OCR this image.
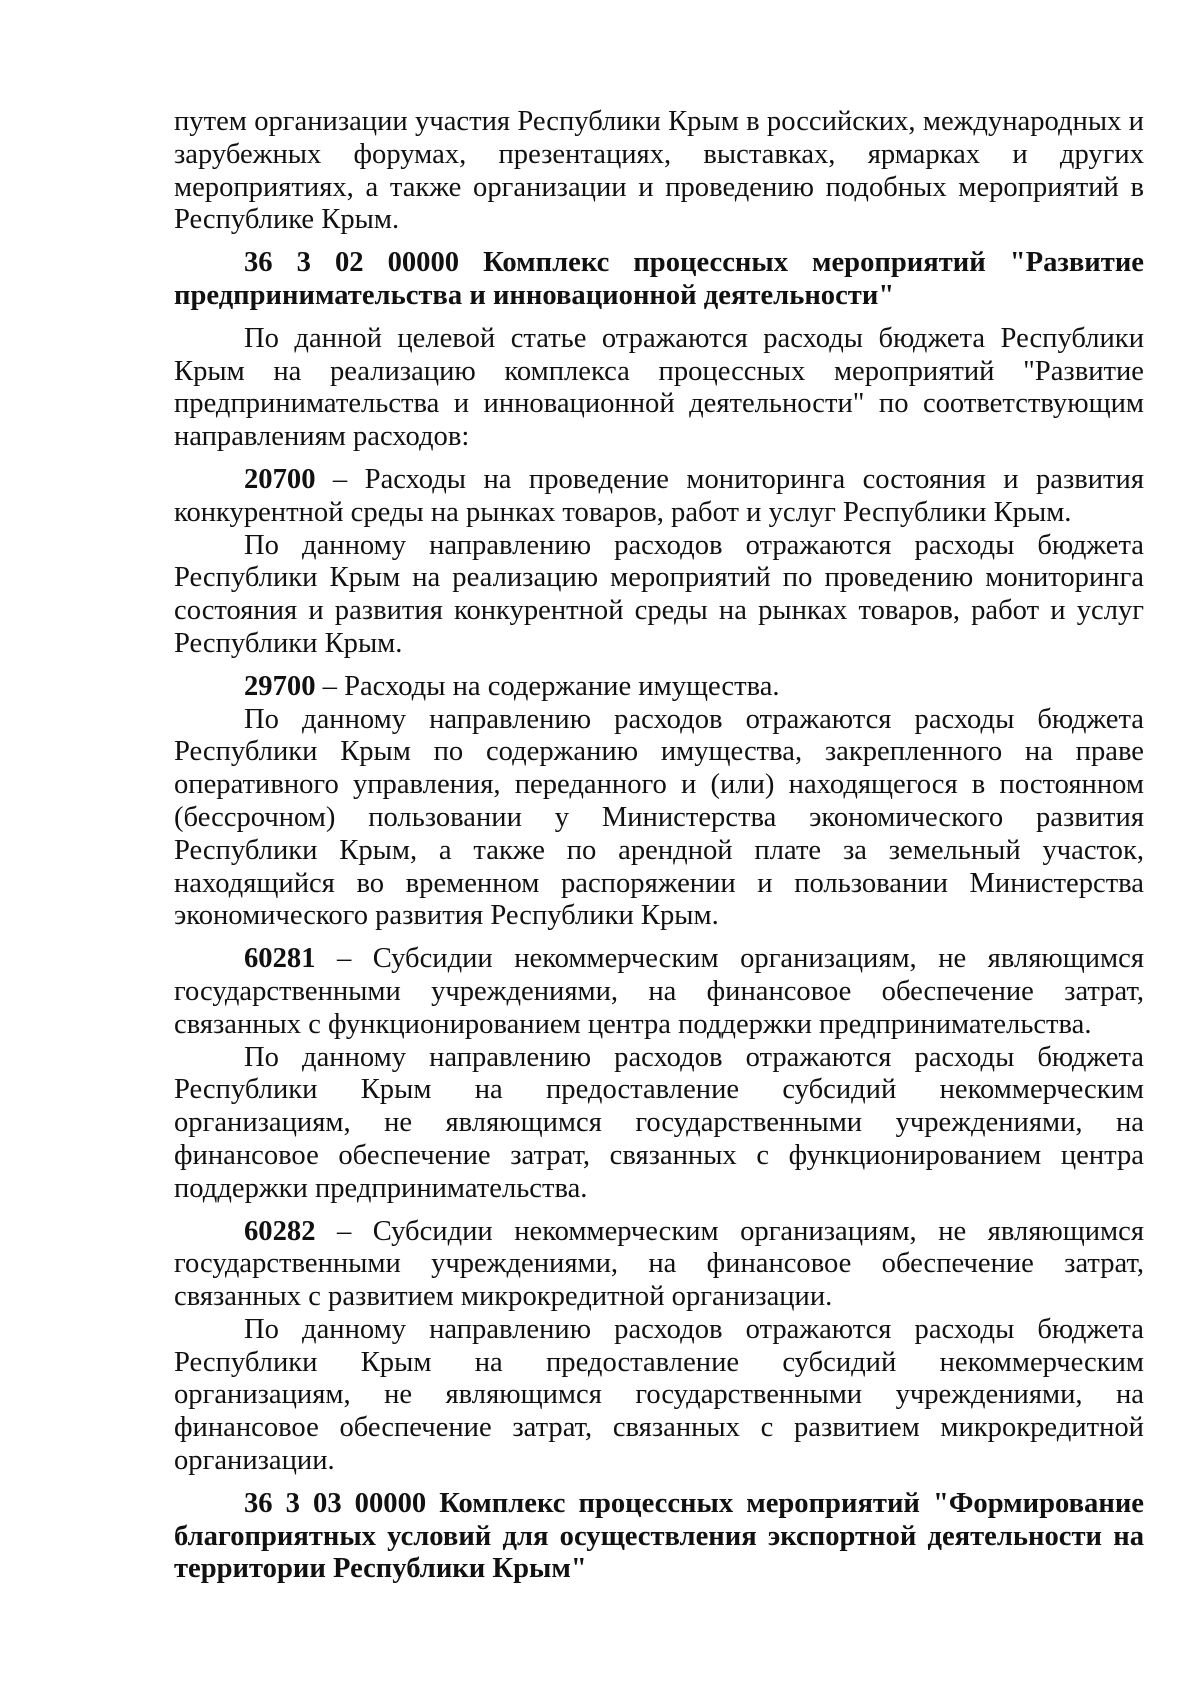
путем организации участия Республики Крым в российских, международных и зарубежных форумах, презентациях, выставках, ярмарках и других мероприятиях, а также организации и проведению подобных мероприятий в Республике Крым.

36 3 02 00000 Комплекс процессных мероприятий "Развитие предпринимательства и инновационной деятельности"

По данной целевой статье отражаются расходы бюджета Республики Крым на реализацию комплекса процессных мероприятий "Развитие предпринимательства и инновационной деятельности" по соответствующим направлениям расходов:

20700 – Расходы на проведение мониторинга состояния и развития конкурентной среды на рынках товаров, работ и услуг Республики Крым.

По данному направлению расходов отражаются расходы бюджета Республики Крым на реализацию мероприятий по проведению мониторинга состояния и развития конкурентной среды на рынках товаров, работ и услуг Республики Крым.

29700 – Расходы на содержание имущества.

По данному направлению расходов отражаются расходы бюджета Республики Крым по содержанию имущества, закрепленного на праве оперативного управления, переданного и (или) находящегося в постоянном (бессрочном) пользовании у Министерства экономического развития Республики Крым, а также по арендной плате за земельный участок, находящийся во временном распоряжении и пользовании Министерства экономического развития Республики Крым.

60281 – Субсидии некоммерческим организациям, не являющимся государственными учреждениями, на финансовое обеспечение затрат, связанных с функционированием центра поддержки предпринимательства.

По данному направлению расходов отражаются расходы бюджета Республики Крым на предоставление субсидий некоммерческим организациям, не являющимся государственными учреждениями, на финансовое обеспечение затрат, связанных с функционированием центра поддержки предпринимательства.

60282 – Субсидии некоммерческим организациям, не являющимся государственными учреждениями, на финансовое обеспечение затрат, связанных с развитием микрокредитной организации.

По данному направлению расходов отражаются расходы бюджета Республики Крым на предоставление субсидий некоммерческим организациям, не являющимся государственными учреждениями, на финансовое обеспечение затрат, связанных с развитием микрокредитной организации.

36 3 03 00000 Комплекс процессных мероприятий "Формирование благоприятных условий для осуществления экспортной деятельности на территории Республики Крым"
